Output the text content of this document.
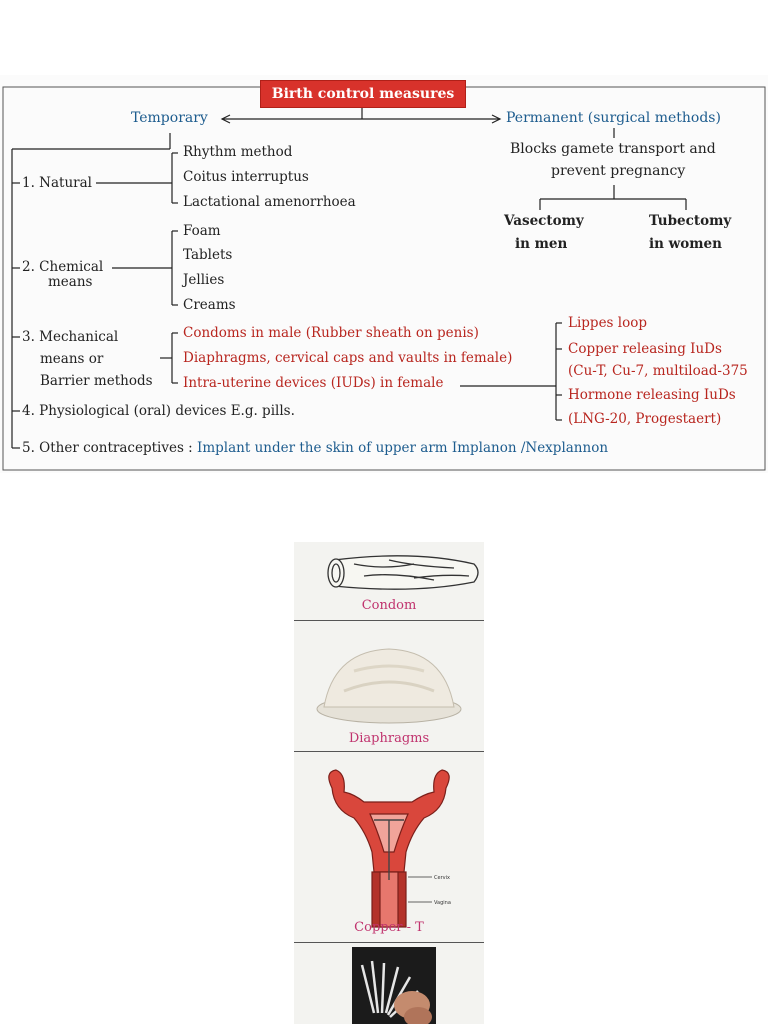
Birth control measures
Temporary	Permanent (surgical methods)
Blocks gamete transport and
prevent pregnancy
Vasectomy
in men
Tubectomy
in women
1. Natural
Rhythm method
Coitus interruptus
Lactational amenorrhoea
2. Chemical
means
Foam
Tablets
Jellies
Creams
3. Mechanical
means or
Barrier methods
Condoms in male (Rubber sheath on penis)
Diaphragms, cervical caps and vaults in female)
Intra-uterine devices (IUDs) in female
Lippes loop
Copper releasing IuDs
(Cu-T, Cu-7, multiload-375
Hormone releasing IuDs
(LNG-20, Progestaert)
4. Physiological (oral) devices E.g. pills.
5. Other contraceptives : Implant under the skin of upper arm Implanon /Nexplannon
Condom
Diaphragms
Cervix
Vagina
Copper - T
